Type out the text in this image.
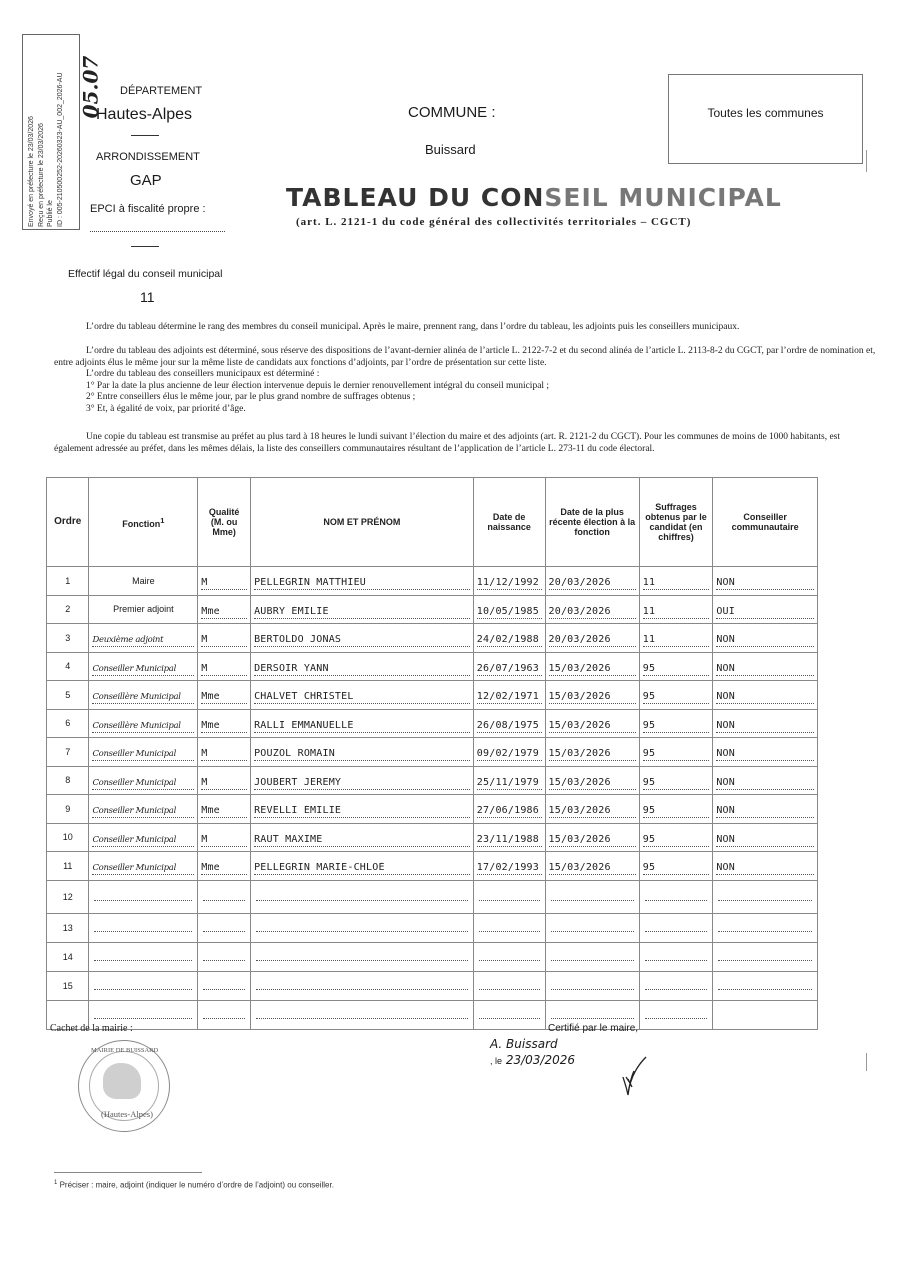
Envoyé en préfecture le 23/03/2026 Reçu en préfecture le 23/03/2026 Publié le ID : 005-210500252-20260323-AU_002_2026-AU 05.07 DÉPARTEMENT
Hautes-Alpes
ARRONDISSEMENT
GAP
EPCI à fiscalité propre :
COMMUNE :
Buissard
Toutes les communes
TABLEAU DU CONSEIL MUNICIPAL
(art. L. 2121-1 du code général des collectivités territoriales – CGCT)
Effectif légal du conseil municipal
11
L’ordre du tableau détermine le rang des membres du conseil municipal. Après le maire, prennent rang, dans l’ordre du tableau, les adjoints puis les conseillers municipaux.
L’ordre du tableau des adjoints est déterminé, sous réserve des dispositions de l’avant-dernier alinéa de l’article L. 2122-7-2 et du second alinéa de l’article L. 2113-8-2 du CGCT, par l’ordre de nomination et, entre adjoints élus le même jour sur la même liste de candidats aux fonctions d’adjoints, par l’ordre de présentation sur cette liste.
L’ordre du tableau des conseillers municipaux est déterminé :
1° Par la date la plus ancienne de leur élection intervenue depuis le dernier renouvellement intégral du conseil municipal ;
2° Entre conseillers élus le même jour, par le plus grand nombre de suffrages obtenus ;
3° Et, à égalité de voix, par priorité d’âge.
Une copie du tableau est transmise au préfet au plus tard à 18 heures le lundi suivant l’élection du maire et des adjoints (art. R. 2121-2 du CGCT). Pour les communes de moins de 1000 habitants, est également adressée au préfet, dans les mêmes délais, la liste des conseillers communautaires résultant de l’application de l’article L. 273-11 du code électoral.
Ordre	Fonction$^1$	Qualité (M. ou Mme)	NOM ET PRÉNOM	Date de naissance	Date de la plus récente élection à la fonction	Suffrages obtenus par le candidat (en chiffres)	Conseiller communautaire
1	Maire	M	PELLEGRIN MATTHIEU	11/12/1992	20/03/2026	11	NON

2	Premier adjoint	Mme	AUBRY ÉMILIE	10/05/1985	20/03/2026	11	OUI

3	Deuxième adjoint	M	BERTOLDO JONAS	24/02/1988	20/03/2026	11	NON

4	Conseiller Municipal	M	DERSOIR YANN	26/07/1963	15/03/2026	95	NON

5	Conseillère Municipal	Mme	CHALVET CHRISTEL	12/02/1971	15/03/2026	95	NON

6	Conseillère Municipal	Mme	RALLI EMMANUELLE	26/08/1975	15/03/2026	95	NON

7	Conseiller Municipal	M	POUZOL ROMAIN	09/02/1979	15/03/2026	95	NON

8	Conseiller Municipal	M	JOUBERT JEREMY	25/11/1979	15/03/2026	95	NON

9	Conseiller Municipal	Mme	REVELLI ÉMILIE	27/06/1986	15/03/2026	95	NON

10	Conseiller Municipal	M	RAUT MAXIME	23/11/1988	15/03/2026	95	NON

11	Conseiller Municipal	Mme	PELLEGRIN MARIE-CHLOÉ	17/02/1993	15/03/2026	95	NON

12	

13	

14	

15	

Cachet de la mairie :
MAIRIE DE BUISSARD
(Hautes-Alpes)
Certifié par le maire,
A. Buissard
, le 23/03/2026
$^1$ Préciser : maire, adjoint (indiquer le numéro d’ordre de l’adjoint) ou conseiller.
